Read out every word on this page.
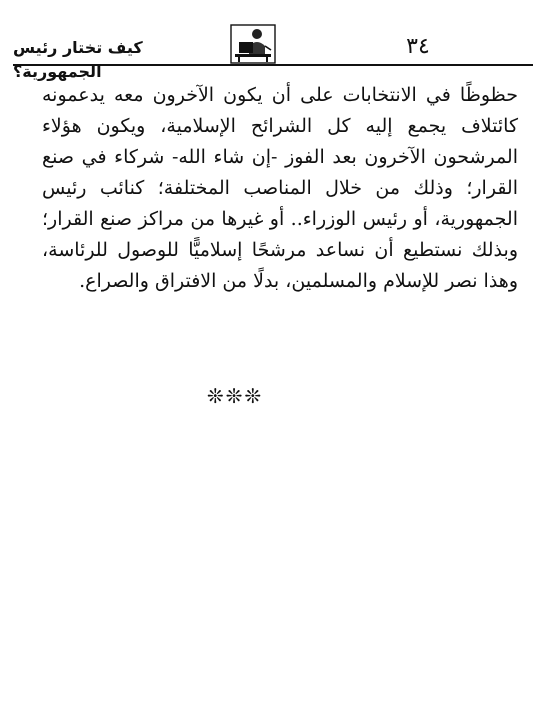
٣٤
كيف تختار رئيس الجمهورية؟
حظوظًا في الانتخابات على أن يكون الآخرون معه يدعمونه
كائتلاف يجمع إليه كل الشرائح الإسلامية، ويكون هؤلاء
المرشحون الآخرون بعد الفوز -إن شاء الله- شركاء في صنع
القرار؛ وذلك من خلال المناصب المختلفة؛ كنائب رئيس
الجمهورية، أو رئيس الوزراء.. أو غيرها من مراكز صنع القرار؛
وبذلك نستطيع أن نساعد مرشحًا إسلاميًّا للوصول للرئاسة،
وهذا نصر للإسلام والمسلمين، بدلًا من الافتراق والصراع.
❊❊❊
